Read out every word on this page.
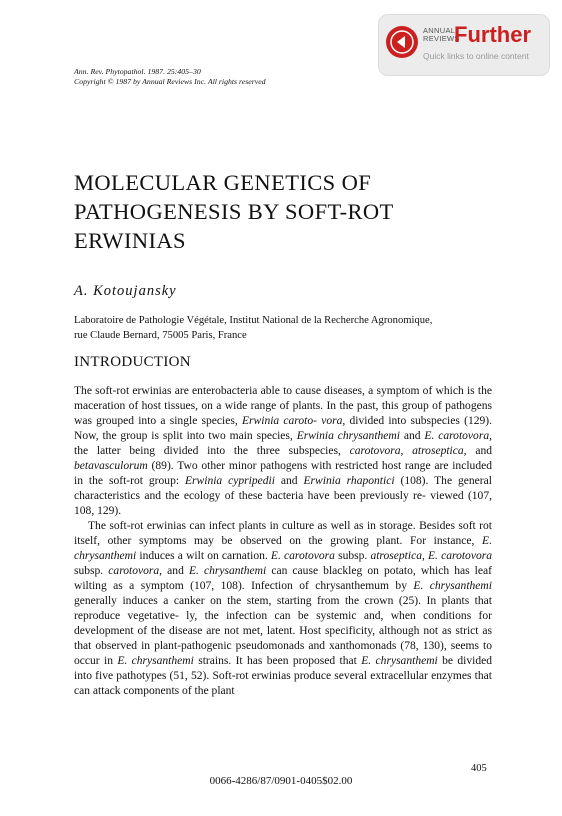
ANNUAL
REVIEWS
Further
Quick links to online content
Ann. Rev. Phytopathol. 1987. 25:405–30
Copyright © 1987 by Annual Reviews Inc. All rights reserved
MOLECULAR GENETICS OF
PATHOGENESIS BY SOFT-ROT
ERWINIAS
A. Kotoujansky
Laboratoire de Pathologie Végétale, Institut National de la Recherche Agronomique,
rue Claude Bernard, 75005 Paris, France
INTRODUCTION

The soft-rot erwinias are enterobacteria able to cause diseases, a symptom of which is the maceration of host tissues, on a wide range of plants. In the past, this group of pathogens was grouped into a single species, Erwinia caroto- vora, divided into subspecies (129). Now, the group is split into two main species, Erwinia chrysanthemi and E. carotovora, the latter being divided into the three subspecies, carotovora, atroseptica, and betavasculorum (89). Two other minor pathogens with restricted host range are included in the soft-rot group: Erwinia cypripedii and Erwinia rhapontici (108). The general characteristics and the ecology of these bacteria have been previously re- viewed (107, 108, 129).

The soft-rot erwinias can infect plants in culture as well as in storage. Besides soft rot itself, other symptoms may be observed on the growing plant. For instance, E. chrysanthemi induces a wilt on carnation. E. carotovora subsp. atroseptica, E. carotovora subsp. carotovora, and E. chrysanthemi can cause blackleg on potato, which has leaf wilting as a symptom (107, 108). Infection of chrysanthemum by E. chrysanthemi generally induces a canker on the stem, starting from the crown (25). In plants that reproduce vegetative- ly, the infection can be systemic and, when conditions for development of the disease are not met, latent. Host specificity, although not as strict as that observed in plant-pathogenic pseudomonads and xanthomonads (78, 130), seems to occur in E. chrysanthemi strains. It has been proposed that E. chrysanthemi be divided into five pathotypes (51, 52). Soft-rot erwinias produce several extracellular enzymes that can attack components of the plant

405
0066-4286/87/0901-0405$02.00
